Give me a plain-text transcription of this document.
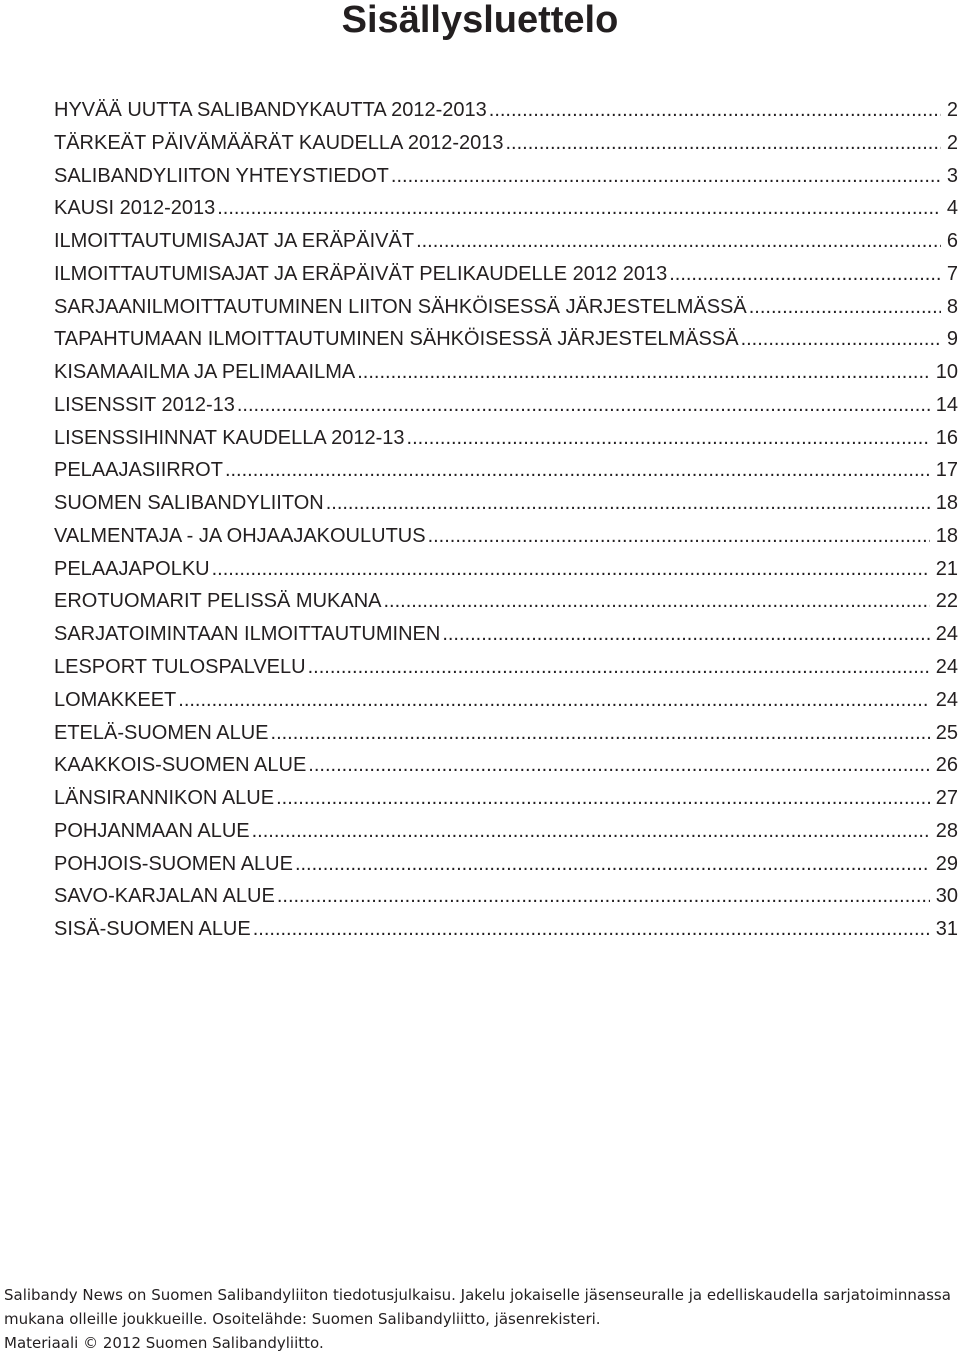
Sisällysluettelo
HYVÄÄ UUTTA SALIBANDYKAUTTA 2012-2013 .....	2
TÄRKEÄT PÄIVÄMÄÄRÄT KAUDELLA 2012-2013 .....	2
SALIBANDYLIITON YHTEYSTIEDOT .....	3
KAUSI 2012-2013 .....	4
ILMOITTAUTUMISAJAT JA ERÄPÄIVÄT .....	6
ILMOITTAUTUMISAJAT JA ERÄPÄIVÄT PELIKAUDELLE 2012 2013 .....	7
SARJAANILMOITTAUTUMINEN LIITON SÄHKÖISESSÄ JÄRJESTELMÄSSÄ .....	8
TAPAHTUMAAN ILMOITTAUTUMINEN SÄHKÖISESSÄ JÄRJESTELMÄSSÄ .....	9
KISAMAAILMA JA PELIMAAILMA .....	10
LISENSSIT 2012-13 .....	14
LISENSSIHINNAT KAUDELLA 2012-13 .....	16
PELAAJASIIRROT .....	17
SUOMEN SALIBANDYLIITON .....	18
VALMENTAJA - JA OHJAAJAKOULUTUS .....	18
PELAAJAPOLKU .....	21
EROTUOMARIT PELISSÄ MUKANA .....	22
SARJATOIMINTAAN ILMOITTAUTUMINEN .....	24
LESPORT TULOSPALVELU .....	24
LOMAKKEET .....	24
ETELÄ-SUOMEN ALUE .....	25
KAAKKOIS-SUOMEN ALUE .....	26
LÄNSIRANNIKON ALUE .....	27
POHJANMAAN ALUE .....	28
POHJOIS-SUOMEN ALUE .....	29
SAVO-KARJALAN ALUE .....	30
SISÄ-SUOMEN ALUE .....	31

Salibandy News on Suomen Salibandyliiton tiedotusjulkaisu. Jakelu jokaiselle jäsenseuralle ja edelliskaudella sarjatoiminnassa

mukana olleille joukkueille. Osoitelähde: Suomen Salibandyliitto, jäsenrekisteri.

Materiaali © 2012 Suomen Salibandyliitto.
